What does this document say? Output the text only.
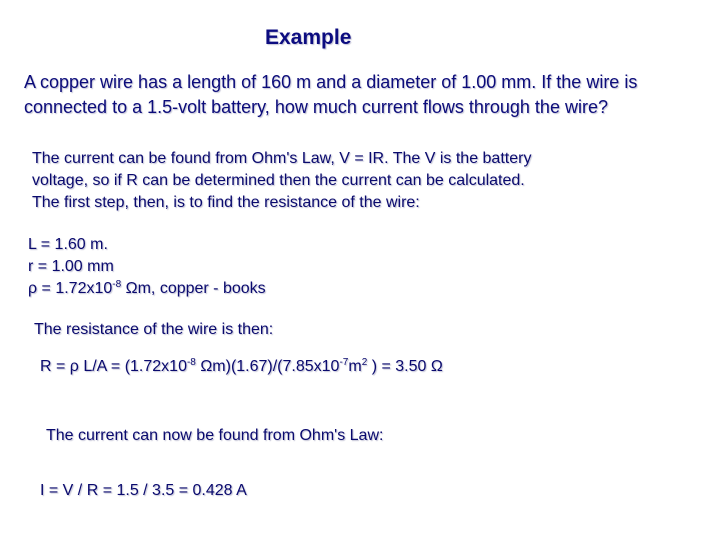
Example
A copper wire has a length of 160 m and a diameter of 1.00 mm. If the wire is
connected to a 1.5-volt battery, how much current flows through the wire?
The current can be found from Ohm's Law, V = IR. The V is the battery
voltage, so if R can be determined then the current can be calculated.
The first step, then, is to find the resistance of the wire:
L = 1.60 m.
r = 1.00 mm
$\rho = 1.72x10^{-8}$ Ωm, copper - books
The resistance of the wire is then:
R = ρ $L/A = (1.72x10^{-8}$ $\Omega m)(1.67)/(7.85x10^{-7}m^2$ ) = 3.50 Ω
The current can now be found from Ohm's Law:
I = V / R = 1.5 / 3.5 = 0.428 A
